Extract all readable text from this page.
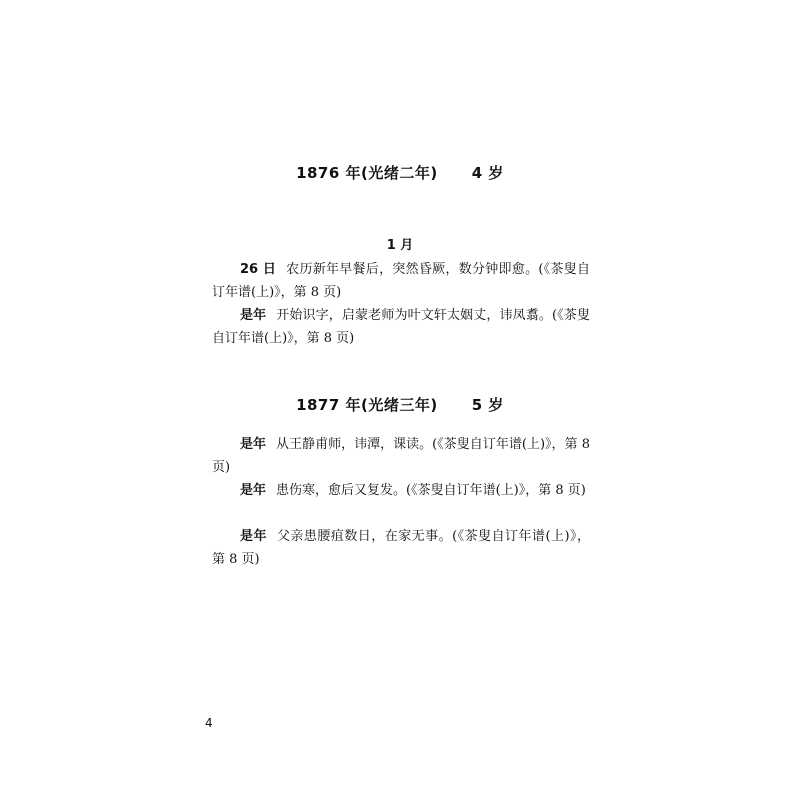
1876 年(光绪二年) 4 岁
1 月
26 日 农历新年早餐后，突然昏厥，数分钟即愈。(《茶叟自订年谱(上)》，第 8 页)
是年 开始识字，启蒙老师为叶文轩太姻丈，讳凤翥。(《茶叟自订年谱(上)》，第 8 页)
1877 年(光绪三年) 5 岁
是年 从王静甫师，讳潭，课读。(《茶叟自订年谱(上)》，第 8 页)
是年 患伤寒，愈后又复发。(《茶叟自订年谱(上)》，第 8 页)
是年 父亲患腰疽数日，在家无事。(《茶叟自订年谱(上)》，第 8 页)
4
